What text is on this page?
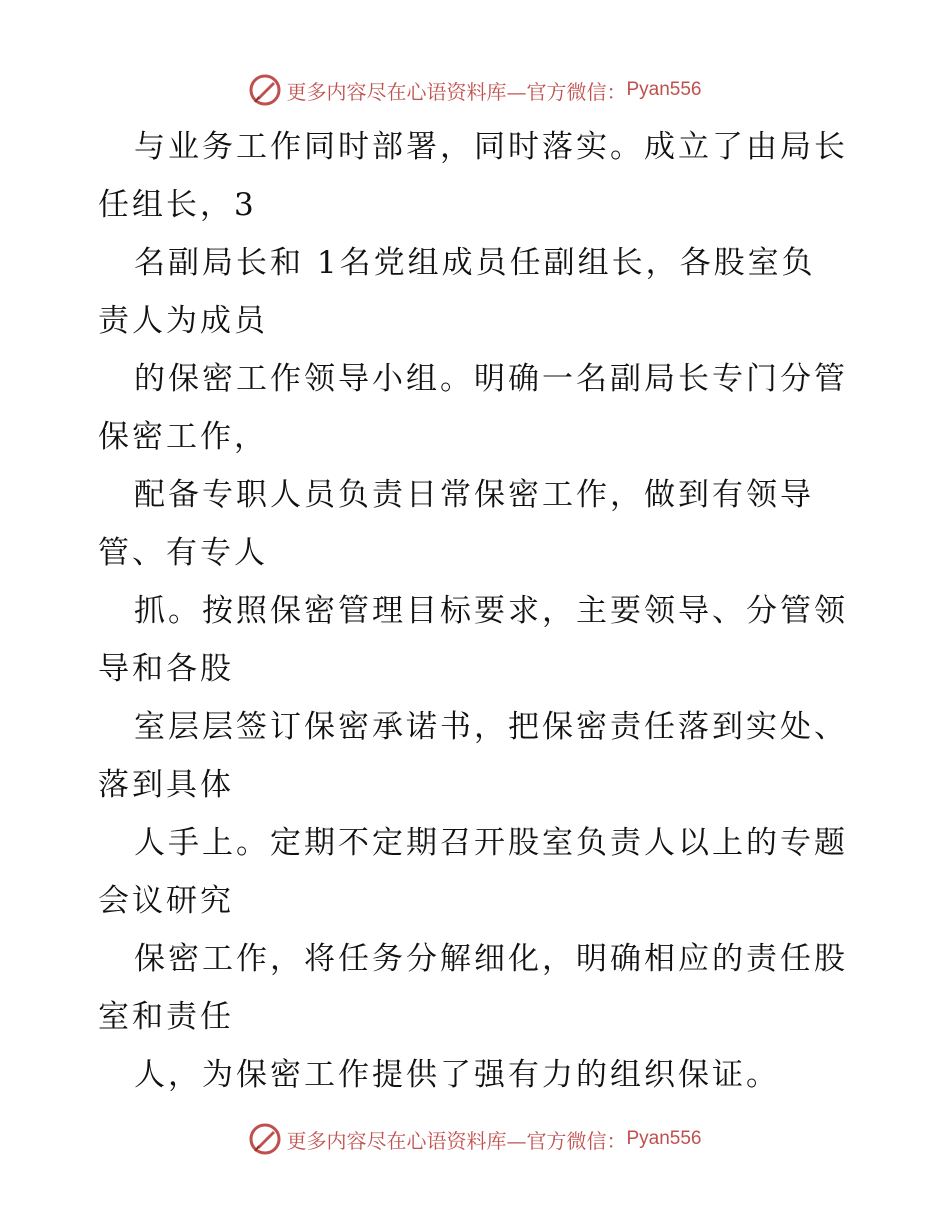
更多内容尽在心语资料库—官方微信： Pyan556
与业务工作同时部署，同时落实。成立了由局长
任组长，3
名副局长和 1名党组成员任副组长，各股室负
责人为成员
的保密工作领导小组。明确一名副局长专门分管
保密工作，
配备专职人员负责日常保密工作，做到有领导
管、有专人
抓。按照保密管理目标要求，主要领导、分管领
导和各股
室层层签订保密承诺书，把保密责任落到实处、
落到具体
人手上。定期不定期召开股室负责人以上的专题
会议研究
保密工作，将任务分解细化，明确相应的责任股
室和责任
人，为保密工作提供了强有力的组织保证。
更多内容尽在心语资料库—官方微信： Pyan556
